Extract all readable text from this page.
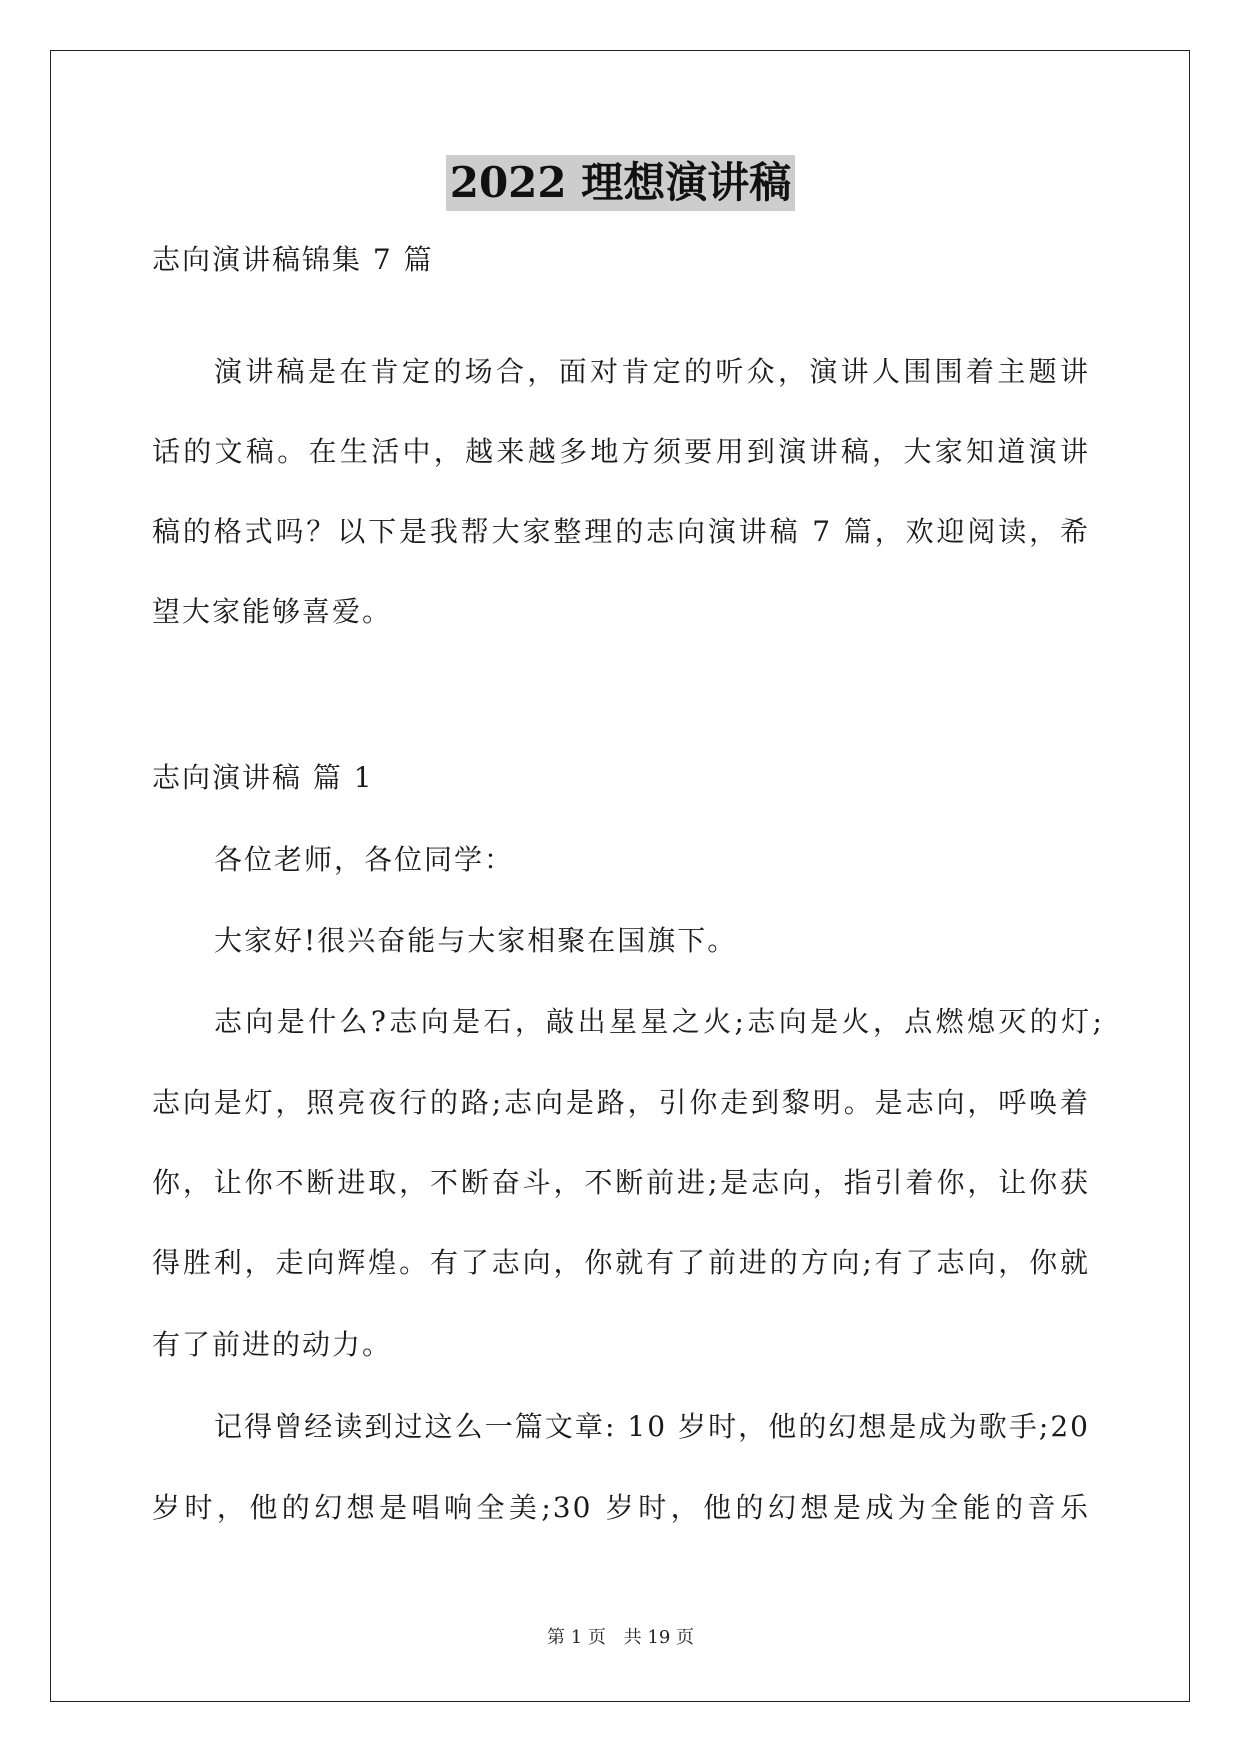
2022 理想演讲稿
志向演讲稿锦集 7 篇
演讲稿是在肯定的场合，面对肯定的听众，演讲人围围着主题讲
话的文稿。在生活中，越来越多地方须要用到演讲稿，大家知道演讲
稿的格式吗？以下是我帮大家整理的志向演讲稿 7 篇，欢迎阅读，希
望大家能够喜爱。
志向演讲稿 篇 1
各位老师，各位同学：
大家好!很兴奋能与大家相聚在国旗下。
志向是什么?志向是石，敲出星星之火;志向是火，点燃熄灭的灯;
志向是灯，照亮夜行的路;志向是路，引你走到黎明。是志向，呼唤着
你，让你不断进取，不断奋斗，不断前进;是志向，指引着你，让你获
得胜利，走向辉煌。有了志向，你就有了前进的方向;有了志向，你就
有了前进的动力。
记得曾经读到过这么一篇文章: 10 岁时，他的幻想是成为歌手;20
岁时，他的幻想是唱响全美;30 岁时，他的幻想是成为全能的音乐
第 1 页 共 19 页
